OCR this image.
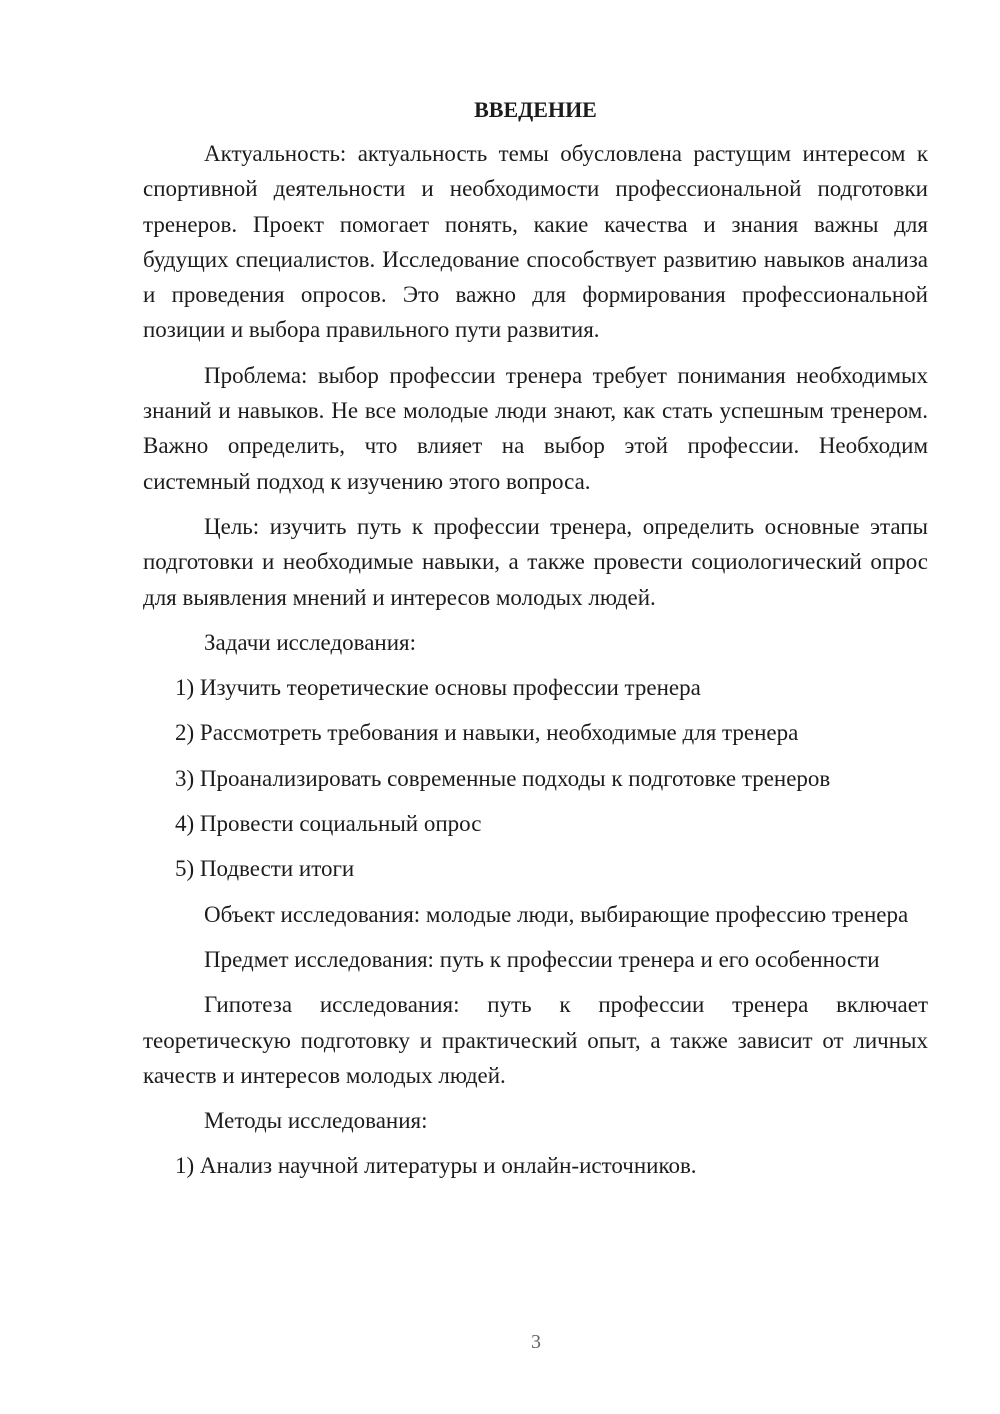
ВВЕДЕНИЕ

Актуальность: актуальность темы обусловлена растущим интересом к спортивной деятельности и необходимости профессиональной подготовки тренеров. Проект помогает понять, какие качества и знания важны для будущих специалистов. Исследование способствует развитию навыков анализа и проведения опросов. Это важно для формирования профессиональной позиции и выбора правильного пути развития.

Проблема: выбор профессии тренера требует понимания необходимых знаний и навыков. Не все молодые люди знают, как стать успешным тренером. Важно определить, что влияет на выбор этой профессии. Необходим системный подход к изучению этого вопроса.

Цель: изучить путь к профессии тренера, определить основные этапы подготовки и необходимые навыки, а также провести социологический опрос для выявления мнений и интересов молодых людей.

Задачи исследования:

1) Изучить теоретические основы профессии тренера
2) Рассмотреть требования и навыки, необходимые для тренера
3) Проанализировать современные подходы к подготовке тренеров
4) Провести социальный опрос
5) Подвести итоги

Объект исследования: молодые люди, выбирающие профессию тренера

Предмет исследования: путь к профессии тренера и его особенности

Гипотеза исследования: путь к профессии тренера включает теоретическую подготовку и практический опыт, а также зависит от личных качеств и интересов молодых людей.

Методы исследования:

1) Анализ научной литературы и онлайн-источников.
3
